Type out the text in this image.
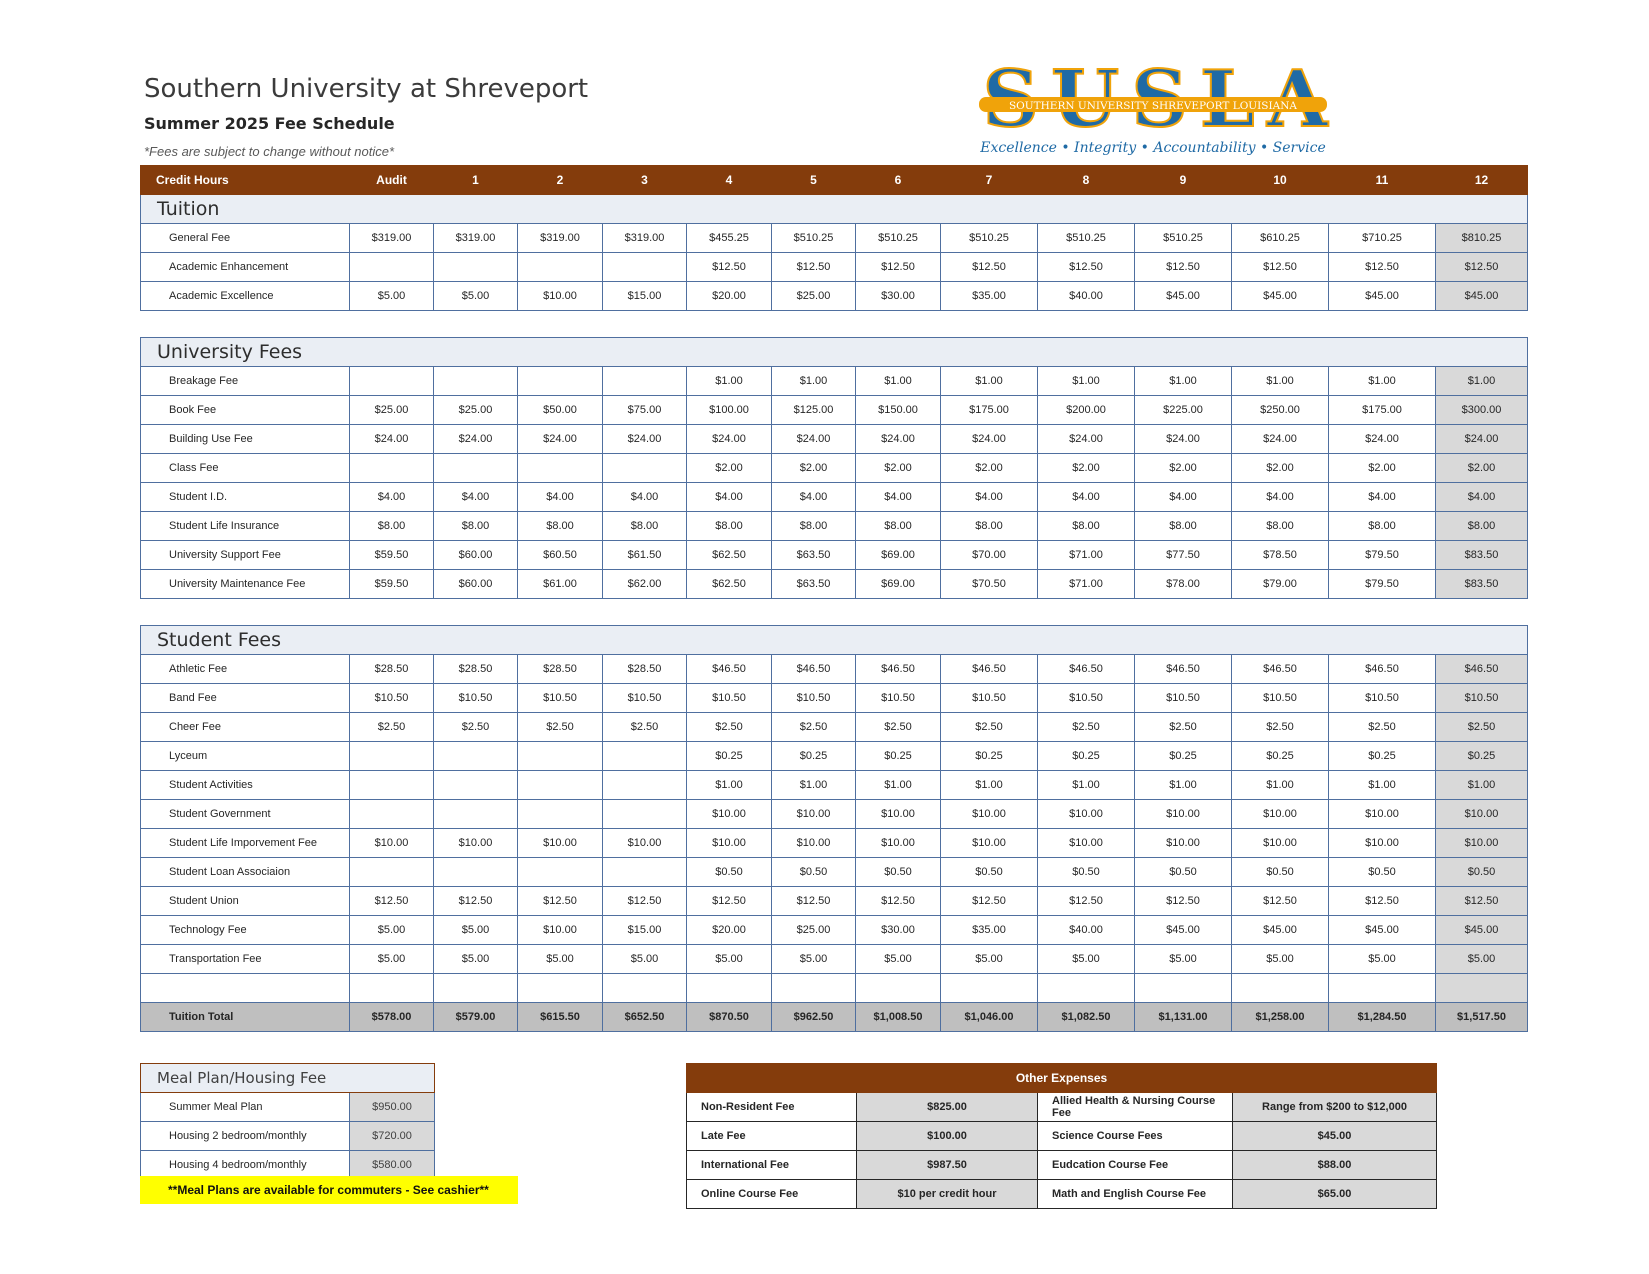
Southern University at Shreveport
Summer 2025 Fee Schedule

*Fees are subject to change without notice*

SOUTHERN UNIVERSITY SHREVEPORT LOUISIANA
Excellence • Integrity • Accountability • Service
Credit Hours	Audit	1	2	3	4	5	6	7	8	9	10	11	12
Tuition													
General Fee	$319.00	$319.00	$319.00	$319.00	$455.25	$510.25	$510.25	$510.25	$510.25	$510.25	$610.25	$710.25	$810.25
Academic Enhancement					$12.50	$12.50	$12.50	$12.50	$12.50	$12.50	$12.50	$12.50	$12.50
Academic Excellence	$5.00	$5.00	$10.00	$15.00	$20.00	$25.00	$30.00	$35.00	$40.00	$45.00	$45.00	$45.00	$45.00

University Fees													
Breakage Fee					$1.00	$1.00	$1.00	$1.00	$1.00	$1.00	$1.00	$1.00	$1.00
Book Fee	$25.00	$25.00	$50.00	$75.00	$100.00	$125.00	$150.00	$175.00	$200.00	$225.00	$250.00	$175.00	$300.00
Building Use Fee	$24.00	$24.00	$24.00	$24.00	$24.00	$24.00	$24.00	$24.00	$24.00	$24.00	$24.00	$24.00	$24.00
Class Fee					$2.00	$2.00	$2.00	$2.00	$2.00	$2.00	$2.00	$2.00	$2.00
Student I.D.	$4.00	$4.00	$4.00	$4.00	$4.00	$4.00	$4.00	$4.00	$4.00	$4.00	$4.00	$4.00	$4.00
Student Life Insurance	$8.00	$8.00	$8.00	$8.00	$8.00	$8.00	$8.00	$8.00	$8.00	$8.00	$8.00	$8.00	$8.00
University Support Fee	$59.50	$60.00	$60.50	$61.50	$62.50	$63.50	$69.00	$70.00	$71.00	$77.50	$78.50	$79.50	$83.50
University Maintenance Fee	$59.50	$60.00	$61.00	$62.00	$62.50	$63.50	$69.00	$70.50	$71.00	$78.00	$79.00	$79.50	$83.50

Student Fees													
Athletic Fee	$28.50	$28.50	$28.50	$28.50	$46.50	$46.50	$46.50	$46.50	$46.50	$46.50	$46.50	$46.50	$46.50
Band Fee	$10.50	$10.50	$10.50	$10.50	$10.50	$10.50	$10.50	$10.50	$10.50	$10.50	$10.50	$10.50	$10.50
Cheer Fee	$2.50	$2.50	$2.50	$2.50	$2.50	$2.50	$2.50	$2.50	$2.50	$2.50	$2.50	$2.50	$2.50
Lyceum					$0.25	$0.25	$0.25	$0.25	$0.25	$0.25	$0.25	$0.25	$0.25
Student Activities					$1.00	$1.00	$1.00	$1.00	$1.00	$1.00	$1.00	$1.00	$1.00
Student Government					$10.00	$10.00	$10.00	$10.00	$10.00	$10.00	$10.00	$10.00	$10.00
Student Life Imporvement Fee	$10.00	$10.00	$10.00	$10.00	$10.00	$10.00	$10.00	$10.00	$10.00	$10.00	$10.00	$10.00	$10.00
Student Loan Associaion					$0.50	$0.50	$0.50	$0.50	$0.50	$0.50	$0.50	$0.50	$0.50
Student Union	$12.50	$12.50	$12.50	$12.50	$12.50	$12.50	$12.50	$12.50	$12.50	$12.50	$12.50	$12.50	$12.50
Technology Fee	$5.00	$5.00	$10.00	$15.00	$20.00	$25.00	$30.00	$35.00	$40.00	$45.00	$45.00	$45.00	$45.00
Transportation Fee	$5.00	$5.00	$5.00	$5.00	$5.00	$5.00	$5.00	$5.00	$5.00	$5.00	$5.00	$5.00	$5.00

Tuition Total	$578.00	$579.00	$615.50	$652.50	$870.50	$962.50	$1,008.50	$1,046.00	$1,082.50	$1,131.00	$1,258.00	$1,284.50	$1,517.50
Meal Plan/Housing Fee	
Summer Meal Plan	$950.00
Housing 2 bedroom/monthly	$720.00
Housing 4 bedroom/monthly	$580.00
**Meal Plans are available for commuters - See cashier**
Other Expenses			
Non-Resident Fee	$825.00	Allied Health & Nursing Course Fee	Range from $200 to $12,000
Late Fee	$100.00	Science Course Fees	$45.00
International Fee	$987.50	Eudcation Course Fee	$88.00
Online Course Fee	$10 per credit hour	Math and English Course Fee	$65.00
